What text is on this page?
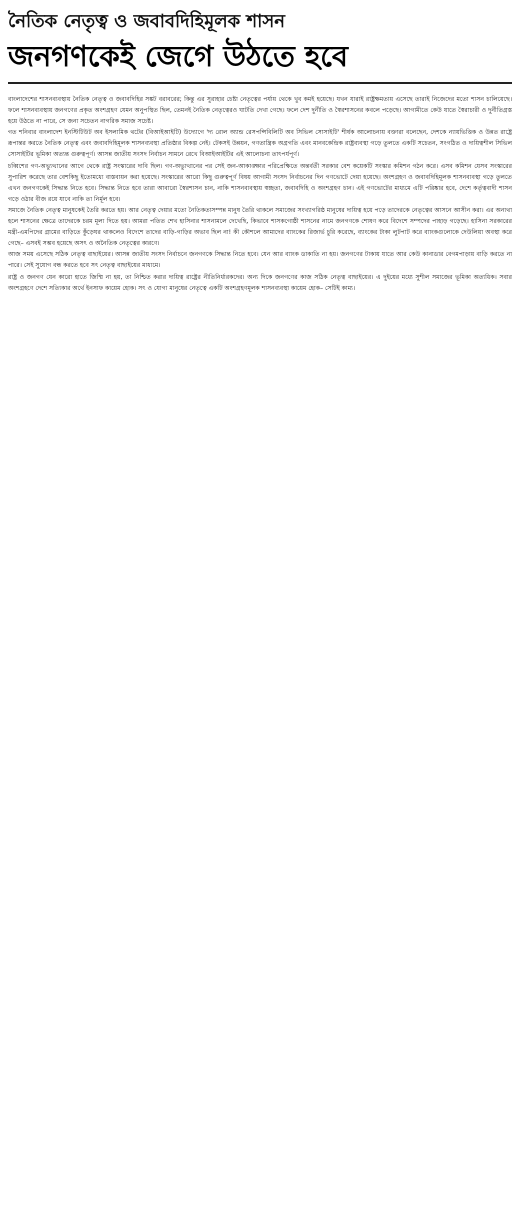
নৈতিক নেতৃত্ব ও জবাবদিহিমূলক শাসন
জনগণকেই জেগে উঠতে হবে

বাংলাদেশের শাসনব্যবস্থায় নৈতিক নেতৃত্ব ও জবাবদিহির সঙ্কট বরাবরের; কিন্তু এর সুরাহার চেষ্টা নেতৃত্বের পর্যায় থেকে খুব কমই হয়েছে। যখন যারাই রাষ্ট্রক্ষমতায় এসেছে তারাই নিজেদের মতো শাসন চালিয়েছে। ফলে শাসনব্যবস্থায় জনগণের প্রকৃত অংশগ্রহণ যেমন অনুপস্থিত ছিল, তেমনই নৈতিক নেতৃত্বেরও ঘাটতি দেখা গেছে। ফলে দেশ দুর্নীতি ও স্বৈরশাসনের কবলে পড়েছে। আগামীতে কেউ যাতে স্বৈরাচারী ও দুর্নীতিগ্রস্ত হয়ে উঠতে না পারে, সে জন্য সচেতন নাগরিক সমাজ সচেষ্ট।

গত শনিবার বাংলাদেশ ইনস্টিটিউট অব ইসলামিক থটের (বিআইআইটি) উদ্যোগে 'দ্য রোল অ্যান্ড রেসপন্সিবিলিটি অব সিভিল সোসাইটি' শীর্ষক আলোচনায় বক্তারা বলেছেন, দেশকে ন্যায়ভিত্তিক ও উন্নত রাষ্ট্রে রূপান্তর করতে নৈতিক নেতৃত্ব এবং জবাবদিহিমূলক শাসনব্যবস্থা প্রতিষ্ঠার বিকল্প নেই। টেকসই উন্নয়ন, গণতান্ত্রিক অগ্রগতি এবং মানবকেন্দ্রিক রাষ্ট্রব্যবস্থা গড়ে তুলতে একটি সচেতন, সংগঠিত ও দায়িত্বশীল সিভিল সোসাইটির ভূমিকা অত্যন্ত গুরুত্বপূর্ণ। আসন্ন জাতীয় সংসদ নির্বাচন সামনে রেখে বিআইআইটির এই আলোচনা তাৎপর্যপূর্ণ।

চব্বিশের গণ-অভ্যুত্থানের আগে থেকে রাষ্ট্র সংস্কারের দাবি ছিল। গণ-অভ্যুত্থানের পর সেই জন-আকাঙ্ক্ষার পরিপ্রেক্ষিতে অন্তর্বর্তী সরকার বেশ কয়েকটি সংস্কার কমিশন গঠন করে। এসব কমিশন যেসব সংস্কারের সুপারিশ করেছে তার বেশকিছু ইতোমধ্যে বাস্তবায়ন করা হয়েছে। সংস্কারের আরো কিছু গুরুত্বপূর্ণ বিষয় আগামী সংসদ নির্বাচনের দিন গণভোটে দেয়া হয়েছে। অংশগ্রহণ ও জবাবদিহিমূলক শাসনব্যবস্থা গড়ে তুলতে এখন জনগণকেই সিদ্ধান্ত নিতে হবে। সিদ্ধান্ত নিতে হবে তারা আবারো স্বৈরশাসন চান, নাকি শাসনব্যবস্থায় স্বচ্ছতা, জবাবদিহি ও অংশগ্রহণ চান। এই গণভোটের মাধ্যমে এটি পরিষ্কার হবে, দেশে কর্তৃত্ববাদী শাসন গড়ে ওঠার বীজ রয়ে যাবে নাকি তা নির্মূল হবে।

সমাজে নৈতিক নেতৃত্ব মানুষকেই তৈরি করতে হয়। আর নেতৃত্ব দেয়ার মতো নৈতিকতাসম্পন্ন মানুষ তৈরি থাকলে সমাজের সংখ্যাগরিষ্ঠ মানুষের দায়িত্ব হয়ে পড়ে তাদেরকে নেতৃত্বের আসনে আসীন করা। এর অন্যথা হলে শাসনের ক্ষেত্রে তাদেরকে চরম মূল্য দিতে হয়। আমরা পতিত শেখ হাসিনার শাসনামলে দেখেছি, কিভাবে শাসকগোষ্ঠী শাসনের নামে জনগণকে শোষণ করে বিদেশে সম্পদের পাহাড় গড়েছে। হাসিনা সরকারের মন্ত্রী-এমপিদের গ্রামের বাড়িতে কুঁড়েঘর থাকলেও বিদেশে তাদের বাড়ি-গাড়ির অভাব ছিল না! কী কৌশলে আমাদের ব্যাংকের রিজার্ভ চুরি করেছে, ব্যাংকের টাকা লুটপাট করে ব্যাংকগুলোকে দেউলিয়া অবস্থা করে গেছে– এসবই সম্ভব হয়েছে অসৎ ও অনৈতিক নেতৃত্বের কারণে।

আজ সময় এসেছে সঠিক নেতৃত্ব বাছাইয়ের। আসন্ন জাতীয় সংসদ নির্বাচনে জনগণকে সিদ্ধান্ত নিতে হবে। যেন আর ব্যাংক ডাকাতি না হয়। জনগণের টাকায় যাতে আর কেউ কানাডার বেগমপাড়ায় বাড়ি করতে না পারে। সেই সুযোগ বন্ধ করতে হবে সৎ নেতৃত্ব বাছাইয়ের মাধ্যমে।

রাষ্ট্র ও জনগণ যেন কারো হাতে জিম্মি না হয়, তা নিশ্চিত করার দায়িত্ব রাষ্ট্রের নীতিনির্ধারকদের। অন্য দিকে জনগণের কাজ সঠিক নেতৃত্ব বাছাইয়ের। এ দুইয়ের মধ্যে সুশীল সমাজের ভূমিকা অত্যধিক। সবার অংশগ্রহণে দেশে সত্যিকার অর্থে ইনসাফ কায়েম হোক। সৎ ও যোগ্য মানুষের নেতৃত্বে একটি অংশগ্রহণমূলক শাসনব্যবস্থা কায়েম হোক– সেটিই কাম্য।
